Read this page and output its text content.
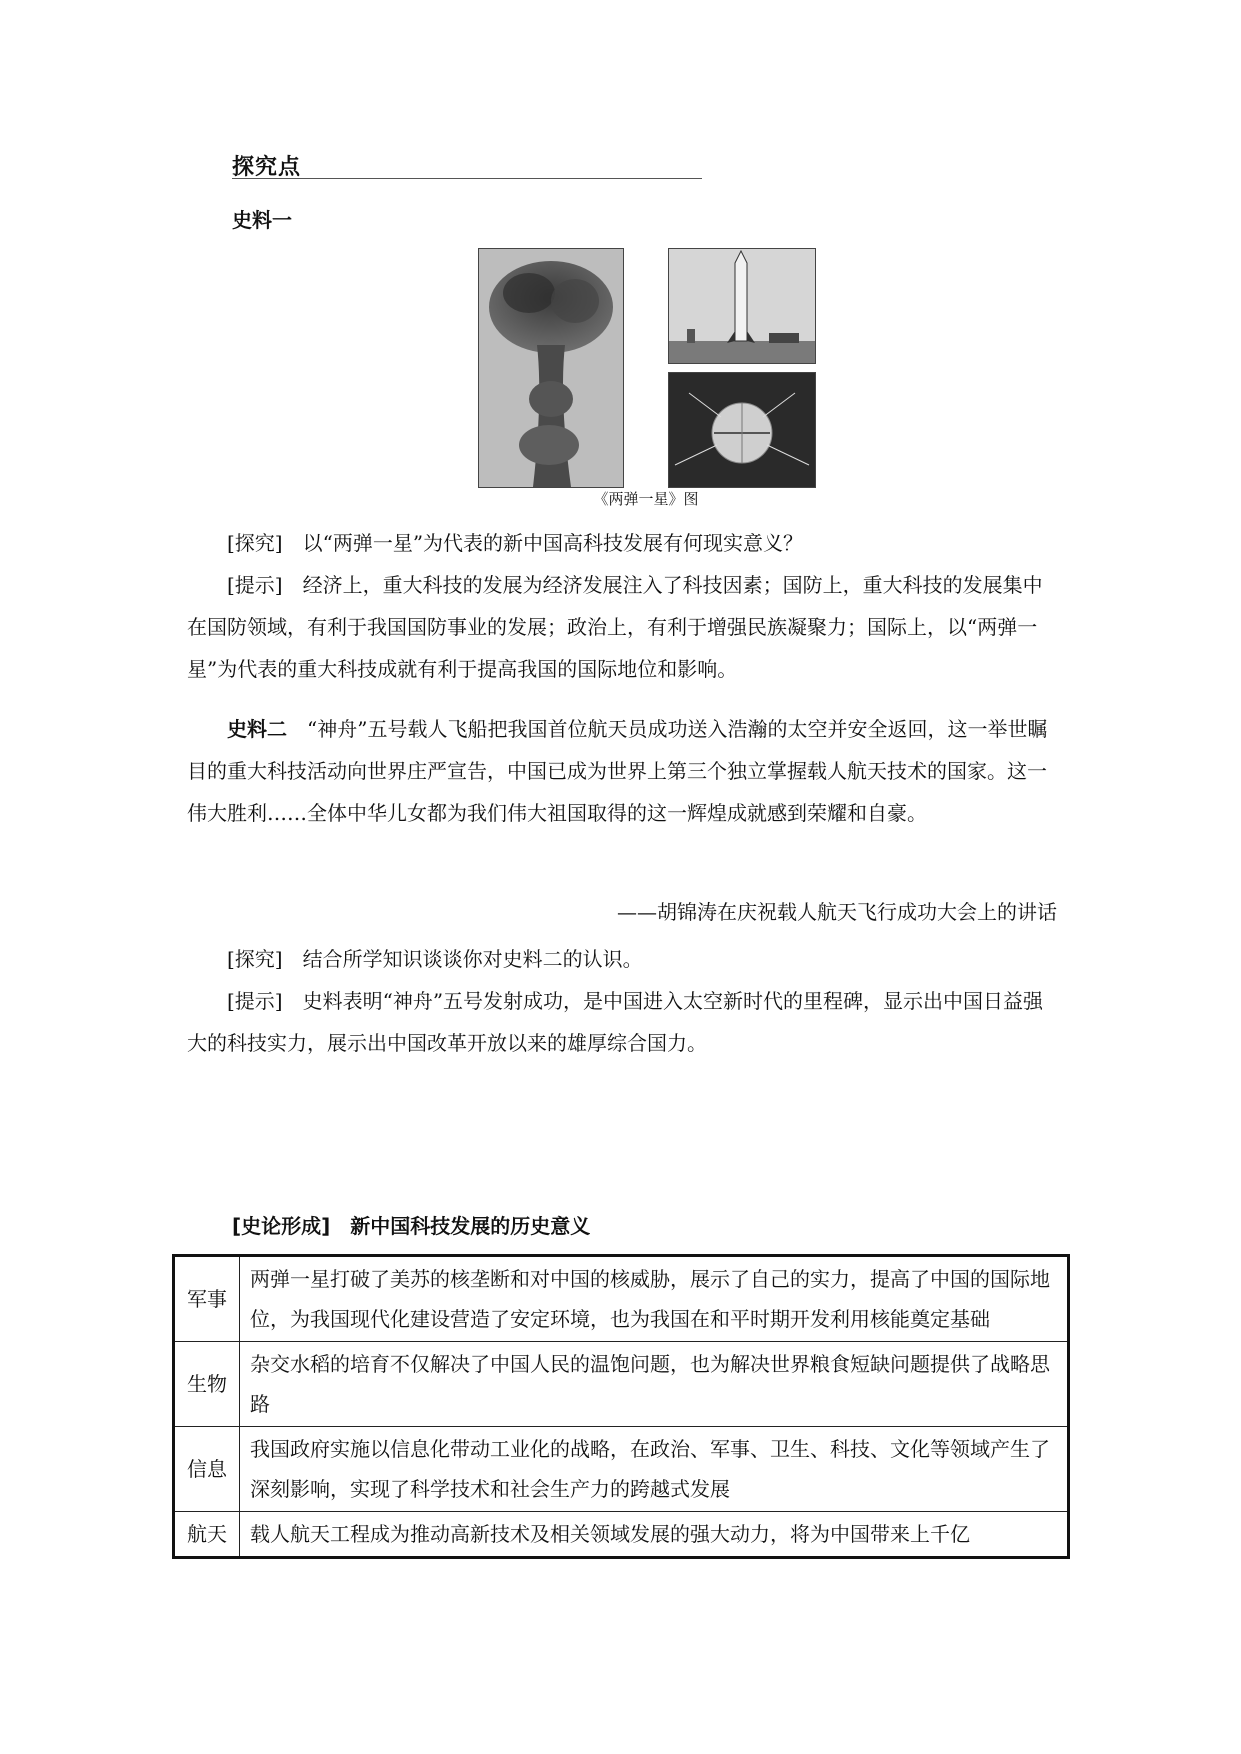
探究点
史料一
《两弹一星》图

[探究]　 以“两弹一星”为代表的新中国高科技发展有何现实意义？

[提示]　 经济上，重大科技的发展为经济发展注入了科技因素；国防上，重大科技的发展集中在国防领域，有利于我国国防事业的发展；政治上，有利于增强民族凝聚力；国际上，以“两弹一星”为代表的重大科技成就有利于提高我国的国际地位和影响。

史料二　 “神舟”五号载人飞船把我国首位航天员成功送入浩瀚的太空并安全返回，这一举世瞩目的重大科技活动向世界庄严宣告，中国已成为世界上第三个独立掌握载人航天技术的国家。这一伟大胜利……全体中华儿女都为我们伟大祖国取得的这一辉煌成就感到荣耀和自豪。

——胡锦涛在庆祝载人航天飞行成功大会上的讲话

[探究]　 结合所学知识谈谈你对史料二的认识。

[提示]　 史料表明“神舟”五号发射成功，是中国进入太空新时代的里程碑，显示出中国日益强大的科技实力，展示出中国改革开放以来的雄厚综合国力。

[史论形成]　 新中国科技发展的历史意义
军事	两弹一星打破了美苏的核垄断和对中国的核威胁，展示了自己的实力，提高了中国的国际地位，为我国现代化建设营造了安定环境，也为我国在和平时期开发利用核能奠定基础
生物	杂交水稻的培育不仅解决了中国人民的温饱问题，也为解决世界粮食短缺问题提供了战略思路
信息	我国政府实施以信息化带动工业化的战略，在政治、军事、卫生、科技、文化等领域产生了深刻影响，实现了科学技术和社会生产力的跨越式发展
航天	载人航天工程成为推动高新技术及相关领域发展的强大动力，将为中国带来上千亿
